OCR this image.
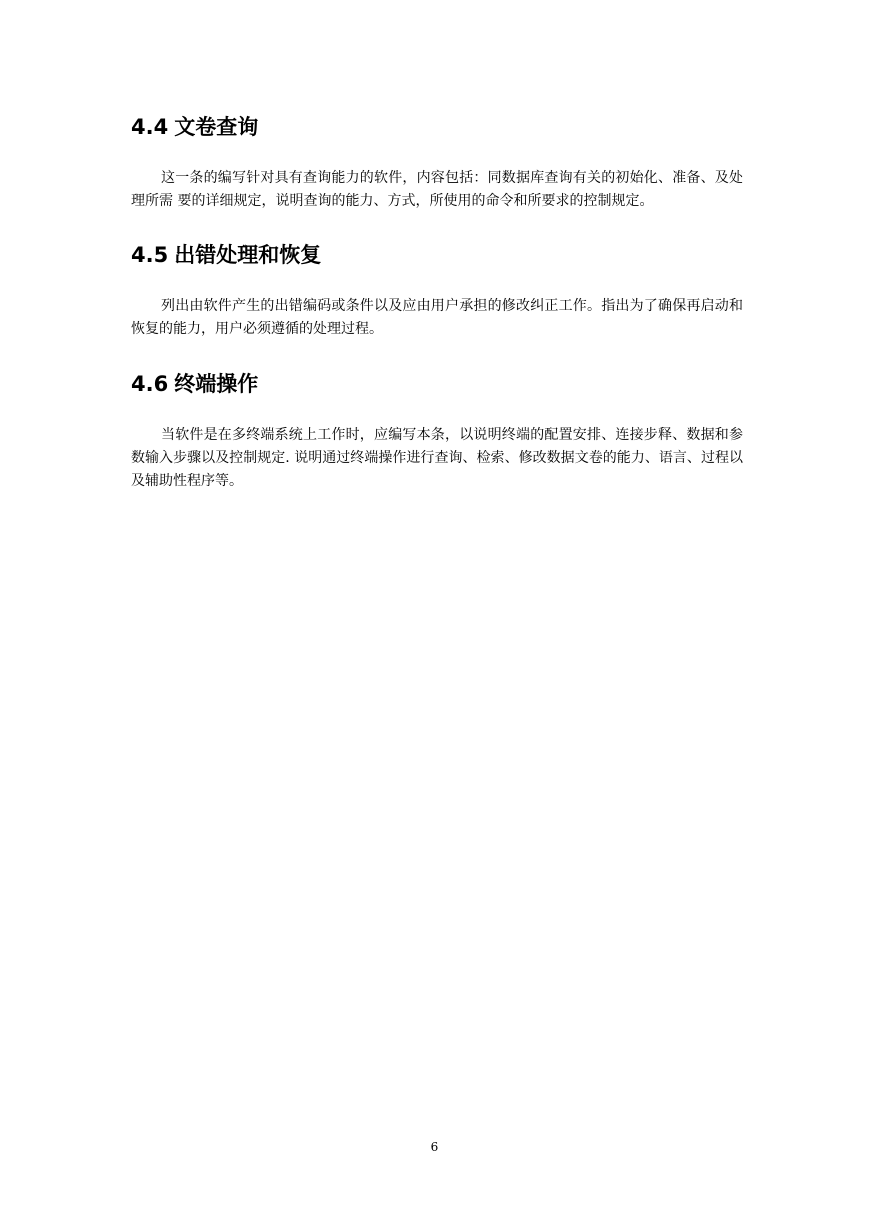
4.4 文卷查询

这一条的编写针对具有查询能力的软件，内容包括：同数据库查询有关的初始化、准备、及处理所需 要的详细规定，说明查询的能力、方式，所使用的命令和所要求的控制规定。

4.5 出错处理和恢复

列出由软件产生的出错编码或条件以及应由用户承担的修改纠正工作。指出为了确保再启动和恢复的能力，用户必须遵循的处理过程。

4.6 终端操作

当软件是在多终端系统上工作时，应编写本条，以说明终端的配置安排、连接步释、数据和参数输入步骤以及控制规定. 说明通过终端操作进行查询、检索、修改数据文卷的能力、语言、过程以及辅助性程序等。

6
